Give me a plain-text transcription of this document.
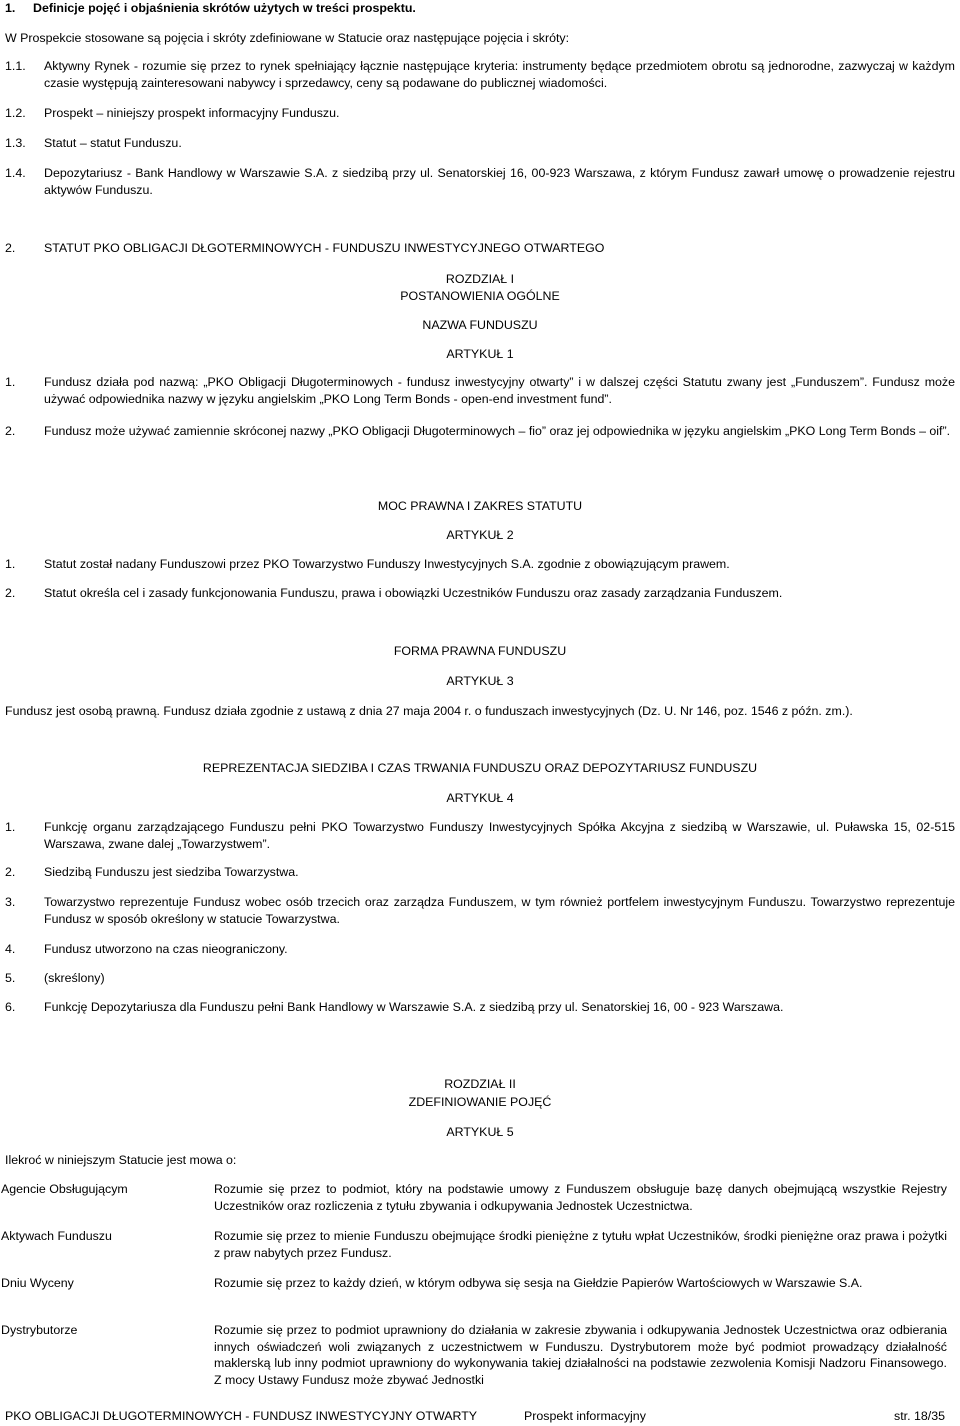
1. Definicje pojęć i objaśnienia skrótów użytych w treści prospektu.
W Prospekcie stosowane są pojęcia i skróty zdefiniowane w Statucie oraz następujące pojęcia i skróty:
1.1. Aktywny Rynek - rozumie się przez to rynek spełniający łącznie następujące kryteria: instrumenty będące przedmiotem obrotu są jednorodne, zazwyczaj w każdym czasie występują zainteresowani nabywcy i sprzedawcy, ceny są podawane do publicznej wiadomości.
1.2. Prospekt – niniejszy prospekt informacyjny Funduszu.
1.3. Statut – statut Funduszu.
1.4. Depozytariusz - Bank Handlowy w Warszawie S.A. z siedzibą przy ul. Senatorskiej 16, 00-923 Warszawa, z którym Fundusz zawarł umowę o prowadzenie rejestru aktywów Funduszu.
2. STATUT PKO OBLIGACJI DŁGOTERMINOWYCH - FUNDUSZU INWESTYCYJNEGO OTWARTEGO
ROZDZIAŁ I
POSTANOWIENIA OGÓLNE
NAZWA FUNDUSZU
ARTYKUŁ 1
1. Fundusz działa pod nazwą: „PKO Obligacji Długoterminowych - fundusz inwestycyjny otwarty” i w dalszej części Statutu zwany jest „Funduszem”. Fundusz może używać odpowiednika nazwy w języku angielskim „PKO Long Term Bonds - open-end investment fund”.
2. Fundusz może używać zamiennie skróconej nazwy „PKO Obligacji Długoterminowych – fio” oraz jej odpowiednika w języku angielskim „PKO Long Term Bonds – oif”.
MOC PRAWNA I ZAKRES STATUTU
ARTYKUŁ 2
1. Statut został nadany Funduszowi przez PKO Towarzystwo Funduszy Inwestycyjnych S.A. zgodnie z obowiązującym prawem.
2. Statut określa cel i zasady funkcjonowania Funduszu, prawa i obowiązki Uczestników Funduszu oraz zasady zarządzania Funduszem.
FORMA PRAWNA FUNDUSZU
ARTYKUŁ 3
Fundusz jest osobą prawną. Fundusz działa zgodnie z ustawą z dnia 27 maja 2004 r. o funduszach inwestycyjnych (Dz. U. Nr 146, poz. 1546 z późn. zm.).
REPREZENTACJA SIEDZIBA I CZAS TRWANIA FUNDUSZU ORAZ DEPOZYTARIUSZ FUNDUSZU
ARTYKUŁ 4
1. Funkcję organu zarządzającego Funduszu pełni PKO Towarzystwo Funduszy Inwestycyjnych Spółka Akcyjna z siedzibą w Warszawie, ul. Puławska 15, 02-515 Warszawa, zwane dalej „Towarzystwem”.
2. Siedzibą Funduszu jest siedziba Towarzystwa.
3. Towarzystwo reprezentuje Fundusz wobec osób trzecich oraz zarządza Funduszem, w tym również portfelem inwestycyjnym Funduszu. Towarzystwo reprezentuje Fundusz w sposób określony w statucie Towarzystwa.
4. Fundusz utworzono na czas nieograniczony.
5. (skreślony)
6. Funkcję Depozytariusza dla Funduszu pełni Bank Handlowy w Warszawie S.A. z siedzibą przy ul. Senatorskiej 16, 00 - 923 Warszawa.
ROZDZIAŁ II
ZDEFINIOWANIE POJĘĆ
ARTYKUŁ 5
Ilekroć w niniejszym Statucie jest mowa o:
Agencie Obsługującym	Rozumie się przez to podmiot, który na podstawie umowy z Funduszem obsługuje bazę danych obejmującą wszystkie Rejestry Uczestników oraz rozliczenia z tytułu zbywania i odkupywania Jednostek Uczestnictwa.
Aktywach Funduszu	Rozumie się przez to mienie Funduszu obejmujące środki pieniężne z tytułu wpłat Uczestników, środki pieniężne oraz prawa i pożytki z praw nabytych przez Fundusz.
Dniu Wyceny	Rozumie się przez to każdy dzień, w którym odbywa się sesja na Giełdzie Papierów Wartościowych w Warszawie S.A.
Dystrybutorze	Rozumie się przez to podmiot uprawniony do działania w zakresie zbywania i odkupywania Jednostek Uczestnictwa oraz odbierania innych oświadczeń woli związanych z uczestnictwem w Funduszu. Dystrybutorem może być podmiot prowadzący działalność maklerską lub inny podmiot uprawniony do wykonywania takiej działalności na podstawie zezwolenia Komisji Nadzoru Finansowego. Z mocy Ustawy Fundusz może zbywać Jednostki
PKO OBLIGACJI DŁUGOTERMINOWYCH - FUNDUSZ INWESTYCYJNY OTWARTY	Prospekt informacyjny	str. 18/35
